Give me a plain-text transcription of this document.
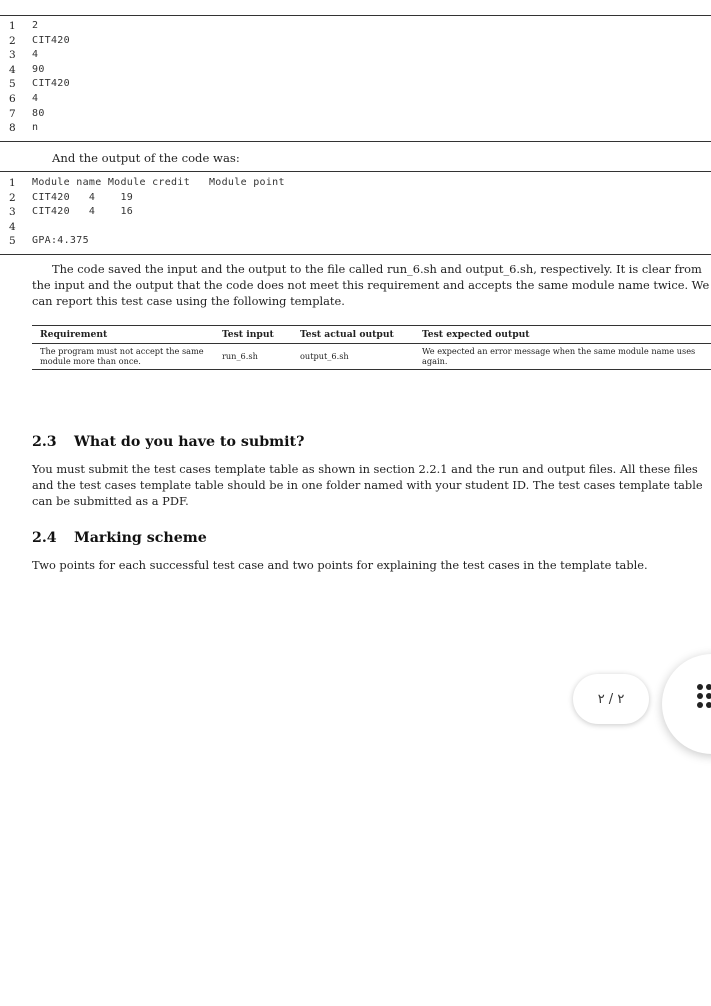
1	2
2	CIT420
3	4
4	90
5	CIT420
6	4
7	80
8	n
And the output of the code was:
1	Module name Module credit   Module point
2	CIT420   4    19
3	CIT420   4    16
4
5	GPA:4.375
The code saved the input and the output to the file called run_6.sh and output_6.sh, respectively. It is clear from the input and the output that the code does not meet this requirement and accepts the same module name twice. We can report this test case using the following template.
Requirement	Test input	Test actual output	Test expected output
The program must not accept the same module more than once.	run_6.sh	output_6.sh	We expected an error message when the same module name uses again.
2.3 What do you have to submit?
You must submit the test cases template table as shown in section 2.2.1 and the run and output files. All these files and the test cases template table should be in one folder named with your student ID. The test cases template table can be submitted as a PDF.
2.4 Marking scheme
Two points for each successful test case and two points for explaining the test cases in the template table.
٢ / ٢
